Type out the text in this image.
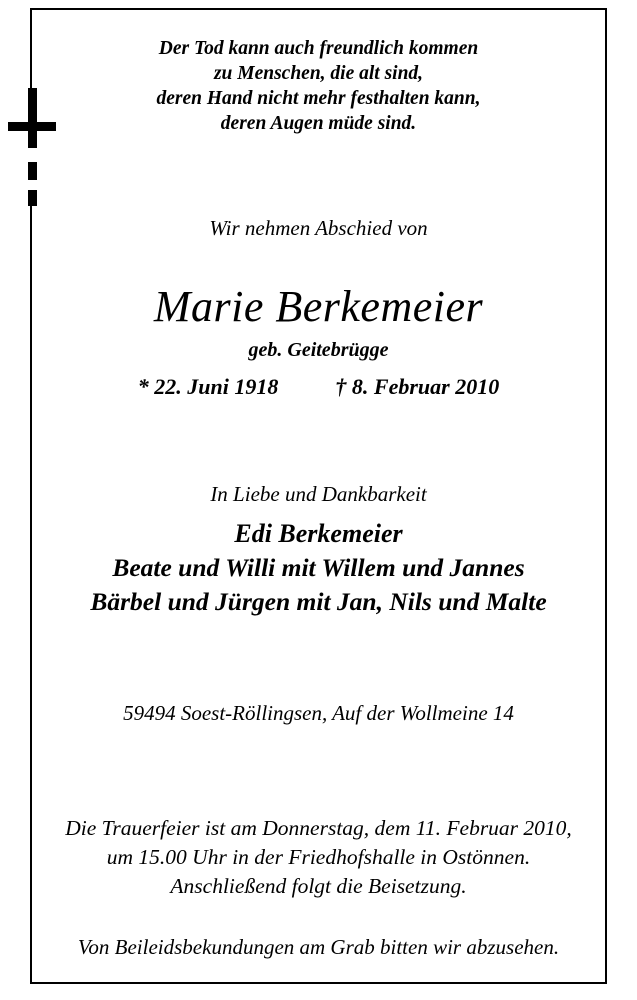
Der Tod kann auch freundlich kommen
zu Menschen, die alt sind,
deren Hand nicht mehr festhalten kann,
deren Augen müde sind.
Wir nehmen Abschied von
Marie Berkemeier
geb. Geitebrügge
* 22. Juni 1918	† 8. Februar 2010
In Liebe und Dankbarkeit
Edi Berkemeier
Beate und Willi mit Willem und Jannes
Bärbel und Jürgen mit Jan, Nils und Malte
59494 Soest-Röllingsen, Auf der Wollmeine 14
Die Trauerfeier ist am Donnerstag, dem 11. Februar 2010,
um 15.00 Uhr in der Friedhofshalle in Ostönnen.
Anschließend folgt die Beisetzung.
Von Beileidsbekundungen am Grab bitten wir abzusehen.
